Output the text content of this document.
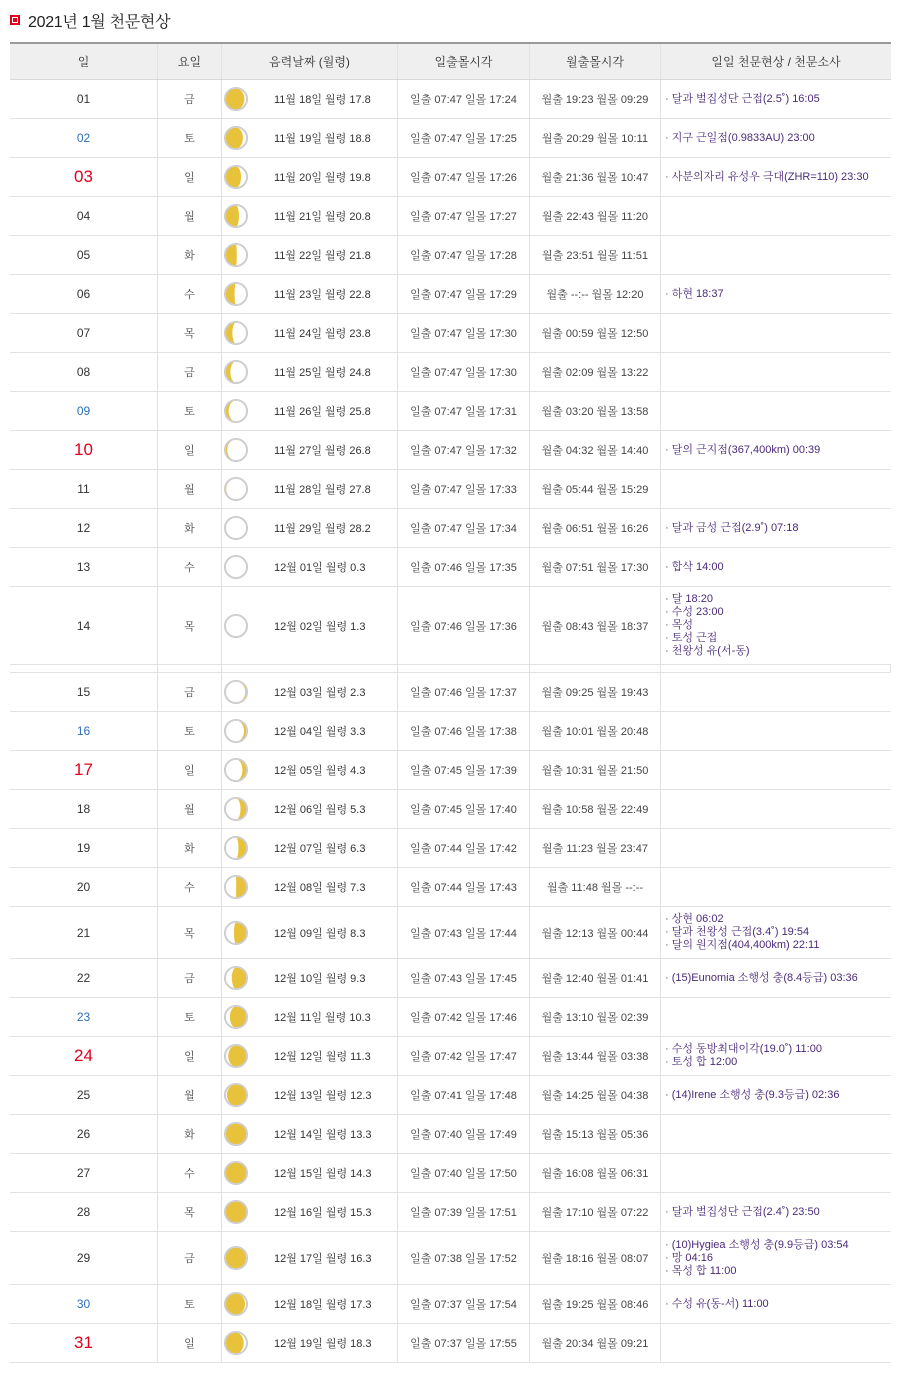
2021년 1월 천문현상
일	요일	음력날짜 (월령)	일출몰시각	월출몰시각	일일 천문현상 / 천문소사
01	금	11월 18일 월령 17.8	일출 07:47 일몰 17:24	월출 19:23 월몰 09:29	· 달과 벌집성단 근접(2.5˚) 16:05
02	토	11월 19일 월령 18.8	일출 07:47 일몰 17:25	월출 20:29 월몰 10:11	· 지구 근일점(0.9833AU) 23:00
03	일	11월 20일 월령 19.8	일출 07:47 일몰 17:26	월출 21:36 월몰 10:47	· 사분의자리 유성우 극대(ZHR=110) 23:30
04	월	11월 21일 월령 20.8	일출 07:47 일몰 17:27	월출 22:43 월몰 11:20
05	화	11월 22일 월령 21.8	일출 07:47 일몰 17:28	월출 23:51 월몰 11:51
06	수	11월 23일 월령 22.8	일출 07:47 일몰 17:29	월출 --:-- 월몰 12:20	· 하현 18:37
07	목	11월 24일 월령 23.8	일출 07:47 일몰 17:30	월출 00:59 월몰 12:50
08	금	11월 25일 월령 24.8	일출 07:47 일몰 17:30	월출 02:09 월몰 13:22
09	토	11월 26일 월령 25.8	일출 07:47 일몰 17:31	월출 03:20 월몰 13:58
10	일	11월 27일 월령 26.8	일출 07:47 일몰 17:32	월출 04:32 월몰 14:40	· 달의 근지점(367,400km) 00:39
11	월	11월 28일 월령 27.8	일출 07:47 일몰 17:33	월출 05:44 월몰 15:29
12	화	11월 29일 월령 28.2	일출 07:47 일몰 17:34	월출 06:51 월몰 16:26	· 달과 금성 근접(2.9˚) 07:18
13	수	12월 01일 월령 0.3	일출 07:46 일몰 17:35	월출 07:51 월몰 17:30	· 합삭 14:00
14	목	12월 02일 월령 1.3	일출 07:46 일몰 17:36	월출 08:43 월몰 18:37
· 달 18:20
· 수성 23:00
· 목성
· 토성 근접
· 천왕성 유(서-동)
15	금	12월 03일 월령 2.3	일출 07:46 일몰 17:37	월출 09:25 월몰 19:43
16	토	12월 04일 월령 3.3	일출 07:46 일몰 17:38	월출 10:01 월몰 20:48
17	일	12월 05일 월령 4.3	일출 07:45 일몰 17:39	월출 10:31 월몰 21:50
18	월	12월 06일 월령 5.3	일출 07:45 일몰 17:40	월출 10:58 월몰 22:49
19	화	12월 07일 월령 6.3	일출 07:44 일몰 17:42	월출 11:23 월몰 23:47
20	수	12월 08일 월령 7.3	일출 07:44 일몰 17:43	월출 11:48 월몰 --:--
21	목	12월 09일 월령 8.3	일출 07:43 일몰 17:44	월출 12:13 월몰 00:44
· 상현 06:02
· 달과 천왕성 근접(3.4˚) 19:54
· 달의 원지점(404,400km) 22:11
22	금	12월 10일 월령 9.3	일출 07:43 일몰 17:45	월출 12:40 월몰 01:41	· (15)Eunomia 소행성 충(8.4등급) 03:36
23	토	12월 11일 월령 10.3	일출 07:42 일몰 17:46	월출 13:10 월몰 02:39
24	일	12월 12일 월령 11.3	일출 07:42 일몰 17:47	월출 13:44 월몰 03:38
· 수성 동방최대이각(19.0˚) 11:00
· 토성 합 12:00
25	월	12월 13일 월령 12.3	일출 07:41 일몰 17:48	월출 14:25 월몰 04:38	· (14)Irene 소행성 충(9.3등급) 02:36
26	화	12월 14일 월령 13.3	일출 07:40 일몰 17:49	월출 15:13 월몰 05:36
27	수	12월 15일 월령 14.3	일출 07:40 일몰 17:50	월출 16:08 월몰 06:31
28	목	12월 16일 월령 15.3	일출 07:39 일몰 17:51	월출 17:10 월몰 07:22	· 달과 벌집성단 근접(2.4˚) 23:50
29	금	12월 17일 월령 16.3	일출 07:38 일몰 17:52	월출 18:16 월몰 08:07
· (10)Hygiea 소행성 충(9.9등급) 03:54
· 망 04:16
· 목성 합 11:00
30	토	12월 18일 월령 17.3	일출 07:37 일몰 17:54	월출 19:25 월몰 08:46	· 수성 유(동-서) 11:00
31	일	12월 19일 월령 18.3	일출 07:37 일몰 17:55	월출 20:34 월몰 09:21
